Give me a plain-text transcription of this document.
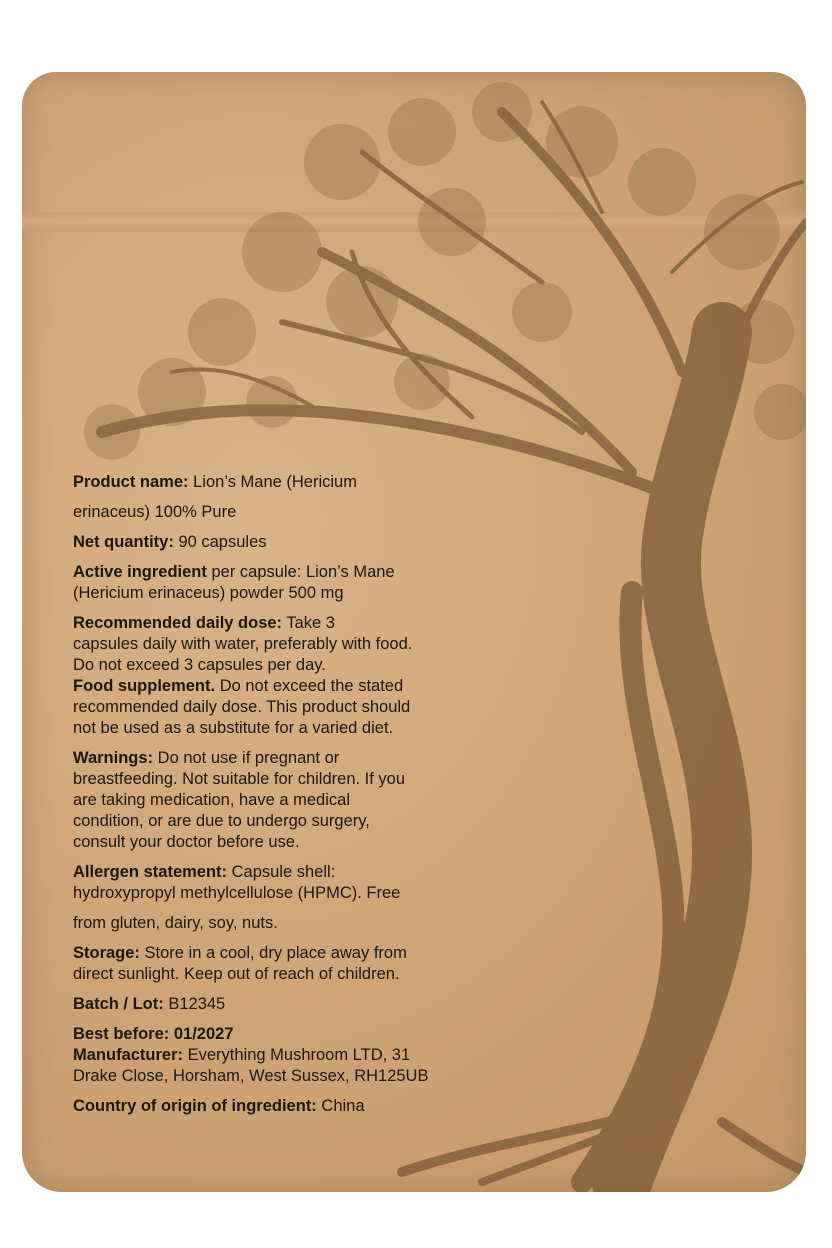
Product name: Lion’s Mane (Hericium

erinaceus) 100% Pure

Net quantity: 90 capsules

Active ingredient per capsule: Lion’s Mane

(Hericium erinaceus) powder 500 mg

Recommended daily dose: Take 3

capsules daily with water, preferably with food.

Do not exceed 3 capsules per day.

Food supplement. Do not exceed the stated

recommended daily dose. This product should

not be used as a substitute for a varied diet.

Warnings: Do not use if pregnant or

breastfeeding. Not suitable for children. If you

are taking medication, have a medical

condition, or are due to undergo surgery,

consult your doctor before use.

Allergen statement: Capsule shell:

hydroxypropyl methylcellulose (HPMC). Free

from gluten, dairy, soy, nuts.

Storage: Store in a cool, dry place away from

direct sunlight. Keep out of reach of children.

Batch / Lot: B12345

Best before: 01/2027

Manufacturer: Everything Mushroom LTD, 31

Drake Close, Horsham, West Sussex, RH125UB

Country of origin of ingredient: China
